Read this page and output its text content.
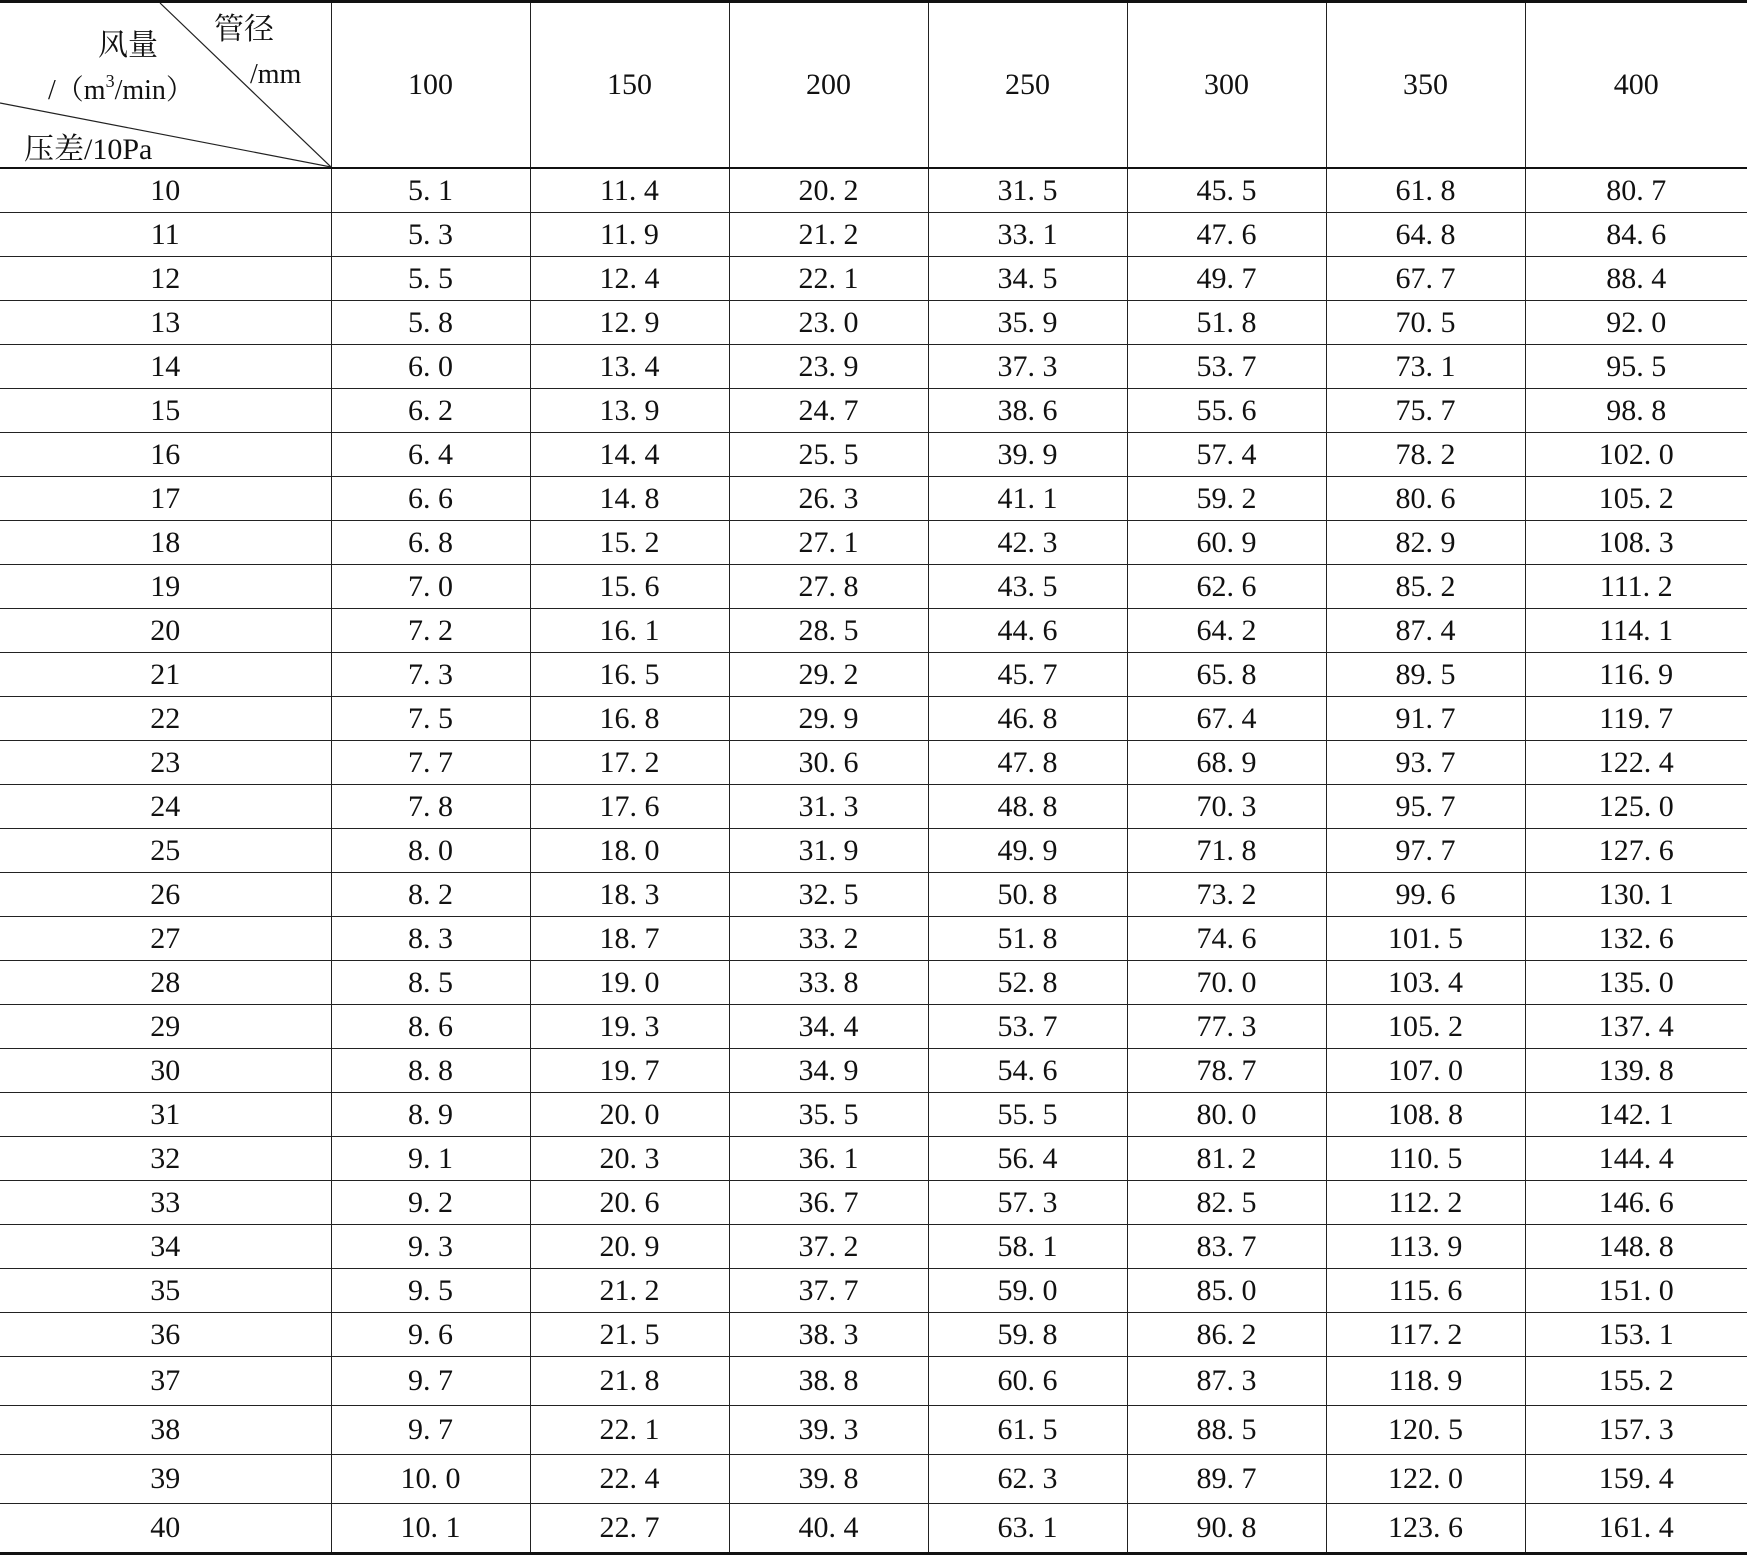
管径
/mm
风量
$/(m^3/\min)$
压差/10Pa	100	150	200	250	300	350	400
10	5. 1	11. 4	20. 2	31. 5	45. 5	61. 8	80. 7
11	5. 3	11. 9	21. 2	33. 1	47. 6	64. 8	84. 6
12	5. 5	12. 4	22. 1	34. 5	49. 7	67. 7	88. 4
13	5. 8	12. 9	23. 0	35. 9	51. 8	70. 5	92. 0
14	6. 0	13. 4	23. 9	37. 3	53. 7	73. 1	95. 5
15	6. 2	13. 9	24. 7	38. 6	55. 6	75. 7	98. 8
16	6. 4	14. 4	25. 5	39. 9	57. 4	78. 2	102. 0
17	6. 6	14. 8	26. 3	41. 1	59. 2	80. 6	105. 2
18	6. 8	15. 2	27. 1	42. 3	60. 9	82. 9	108. 3
19	7. 0	15. 6	27. 8	43. 5	62. 6	85. 2	111. 2
20	7. 2	16. 1	28. 5	44. 6	64. 2	87. 4	114. 1
21	7. 3	16. 5	29. 2	45. 7	65. 8	89. 5	116. 9
22	7. 5	16. 8	29. 9	46. 8	67. 4	91. 7	119. 7
23	7. 7	17. 2	30. 6	47. 8	68. 9	93. 7	122. 4
24	7. 8	17. 6	31. 3	48. 8	70. 3	95. 7	125. 0
25	8. 0	18. 0	31. 9	49. 9	71. 8	97. 7	127. 6
26	8. 2	18. 3	32. 5	50. 8	73. 2	99. 6	130. 1
27	8. 3	18. 7	33. 2	51. 8	74. 6	101. 5	132. 6
28	8. 5	19. 0	33. 8	52. 8	70. 0	103. 4	135. 0
29	8. 6	19. 3	34. 4	53. 7	77. 3	105. 2	137. 4
30	8. 8	19. 7	34. 9	54. 6	78. 7	107. 0	139. 8
31	8. 9	20. 0	35. 5	55. 5	80. 0	108. 8	142. 1
32	9. 1	20. 3	36. 1	56. 4	81. 2	110. 5	144. 4
33	9. 2	20. 6	36. 7	57. 3	82. 5	112. 2	146. 6
34	9. 3	20. 9	37. 2	58. 1	83. 7	113. 9	148. 8
35	9. 5	21. 2	37. 7	59. 0	85. 0	115. 6	151. 0
36	9. 6	21. 5	38. 3	59. 8	86. 2	117. 2	153. 1
37	9. 7	21. 8	38. 8	60. 6	87. 3	118. 9	155. 2
38	9. 7	22. 1	39. 3	61. 5	88. 5	120. 5	157. 3
39	10. 0	22. 4	39. 8	62. 3	89. 7	122. 0	159. 4
40	10. 1	22. 7	40. 4	63. 1	90. 8	123. 6	161. 4
